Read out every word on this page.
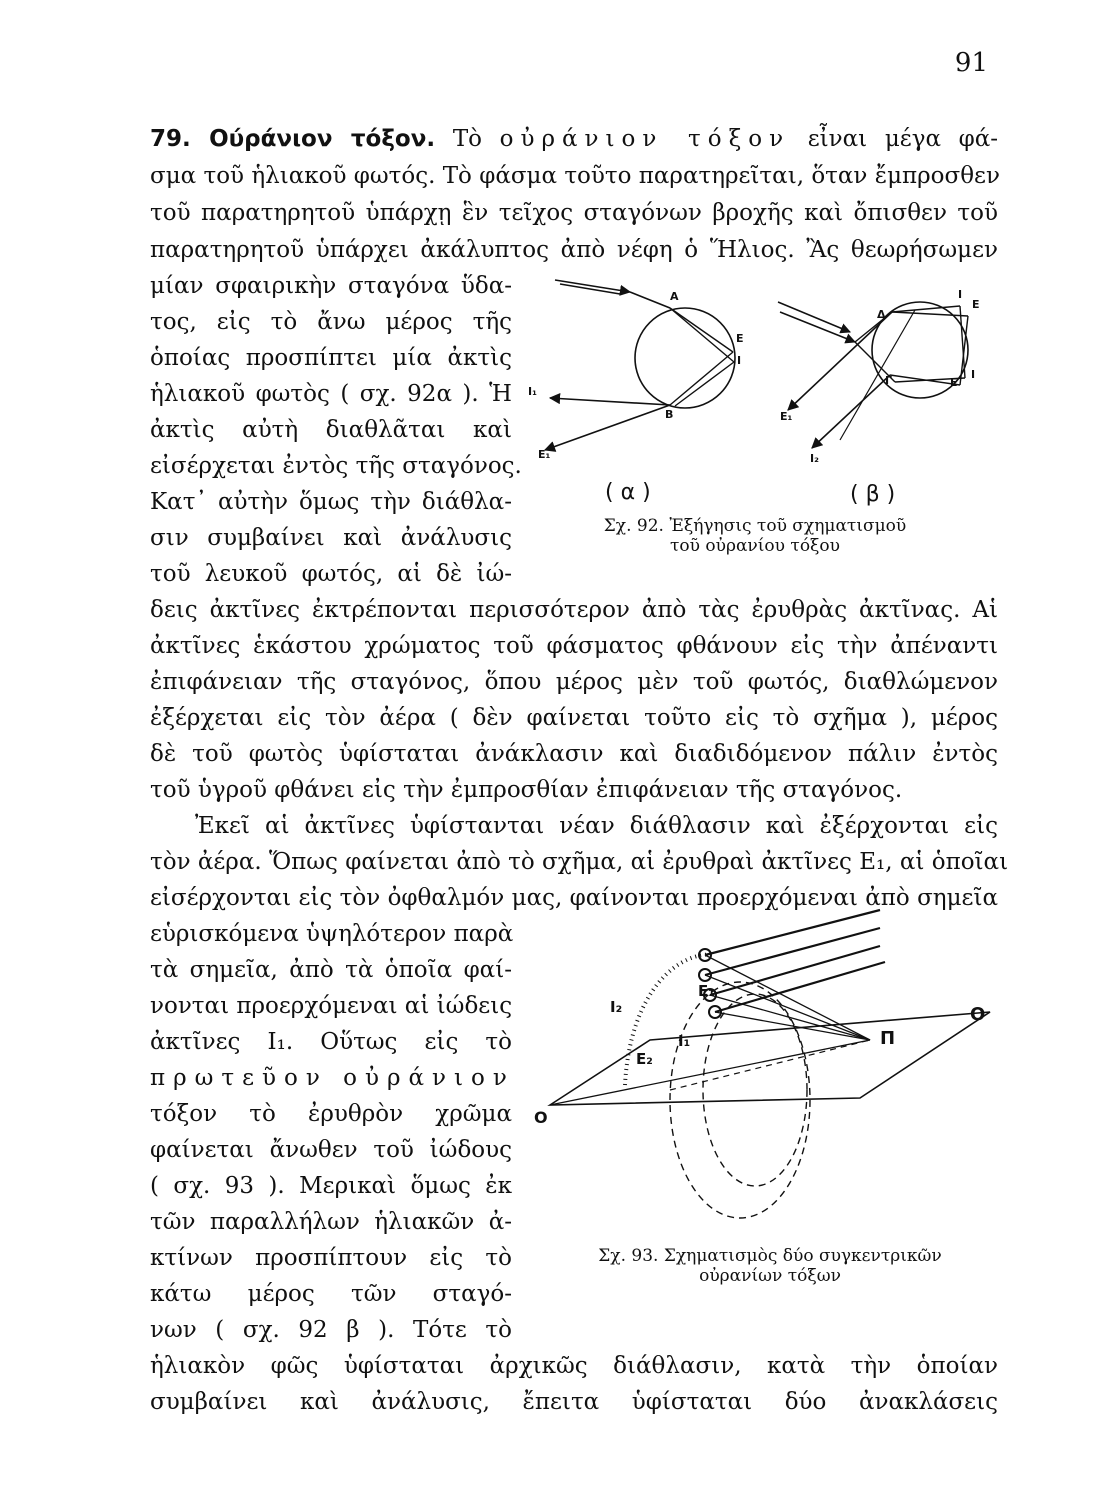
91
79. Ούράνιον τόξον. Τὸ οὐράνιον τόξον εἶναι μέγα φά-
σμα τοῦ ἡλιακοῦ φωτός. Τὸ φάσμα τοῦτο παρατηρεῖται, ὅταν ἔμπροσθεν
τοῦ παρατηρητοῦ ὑπάρχῃ ἓν τεῖχος σταγόνων βροχῆς καὶ ὄπισθεν τοῦ
παρατηρητοῦ ὑπάρχει ἀκάλυπτος ἀπὸ νέφη ὁ Ἥλιος. Ἂς θεωρήσωμεν
μίαν σφαιρικὴν σταγόνα ὕδα-
τος, εἰς τὸ ἄνω μέρος τῆς
ὁποίας προσπίπτει μία ἀκτὶς
ἡλιακοῦ φωτὸς ( σχ. 92α ). Ἡ
ἀκτὶς αὐτὴ διαθλᾶται καὶ
εἰσέρχεται ἐντὸς τῆς σταγόνος.
Κατ᾿ αὐτὴν ὅμως τὴν διάθλα-
σιν συμβαίνει καὶ ἀνάλυσις
τοῦ λευκοῦ φωτός, αἱ δὲ ἰώ-
δεις ἀκτῖνες ἐκτρέπονται περισσότερον ἀπὸ τὰς ἐρυθρὰς ἀκτῖνας. Αἱ
ἀκτῖνες ἑκάστου χρώματος τοῦ φάσματος φθάνουν εἰς τὴν ἀπέναντι
ἐπιφάνειαν τῆς σταγόνος, ὅπου μέρος μὲν τοῦ φωτός, διαθλώμενον
ἐξέρχεται εἰς τὸν ἀέρα ( δὲν φαίνεται τοῦτο εἰς τὸ σχῆμα ), μέρος
δὲ τοῦ φωτὸς ὑφίσταται ἀνάκλασιν καὶ διαδιδόμενον πάλιν ἐντὸς
τοῦ ὑγροῦ φθάνει εἰς τὴν ἐμπροσθίαν ἐπιφάνειαν τῆς σταγόνος.
Ἐκεῖ αἱ ἀκτῖνες ὑφίστανται νέαν διάθλασιν καὶ ἐξέρχονται εἰς
τὸν ἀέρα. Ὅπως φαίνεται ἀπὸ τὸ σχῆμα, αἱ ἐρυθραὶ ἀκτῖνες Ε₁, αἱ ὁποῖαι
εἰσέρχονται εἰς τὸν ὀφθαλμόν μας, φαίνονται προερχόμεναι ἀπὸ σημεῖα
εὑρισκόμενα ὑψηλότερον παρὰ
τὰ σημεῖα, ἀπὸ τὰ ὁποῖα φαί-
νονται προερχόμεναι αἱ ἰώδεις
ἀκτῖνες Ι₁. Οὕτως εἰς τὸ
πρωτεῦον οὐράνιον
τόξον τὸ ἐρυθρὸν χρῶμα
φαίνεται ἄνωθεν τοῦ ἰώδους
( σχ. 93 ). Μερικαὶ ὅμως ἐκ
τῶν παραλλήλων ἡλιακῶν ἀ-
κτίνων προσπίπτουν εἰς τὸ
κάτω μέρος τῶν σταγό-
νων ( σχ. 92 β ). Τότε τὸ
ἡλιακὸν φῶς ὑφίσταται ἀρχικῶς διάθλασιν, κατὰ τὴν ὁποίαν
συμβαίνει καὶ ἀνάλυσις, ἔπειτα ὑφίσταται δύο ἀνακλάσεις
A
E
I
B
I₁
E₁
Δ
I
E
Γ	E
I
E₁
I₂
( α )	( β )
Σχ. 92. Ἐξήγησις τοῦ σχηματισμοῦ
τοῦ οὐρανίου τόξου
I₂
E₂
E₁
I₁	Π
O
O
Σχ. 93. Σχηματισμὸς δύο συγκεντρικῶν
οὐρανίων τόξων
